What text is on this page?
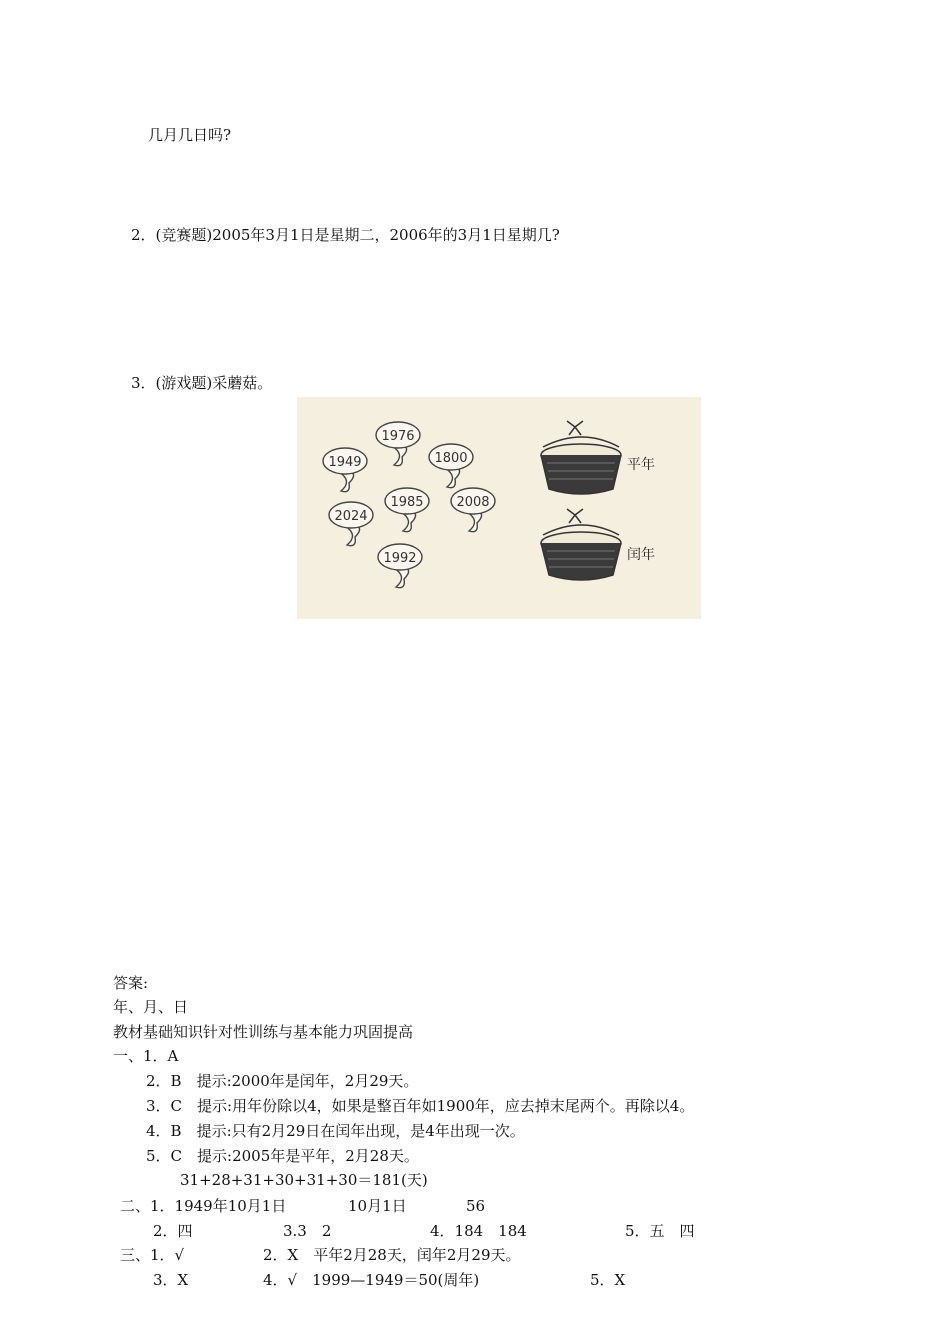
几月几日吗?
2．(竞赛题)2005年3月1日是星期二，2006年的3月1日星期几?
3．(游戏题)采蘑菇。
1976
1949	1800
1985	2008
2024
1992
平年
闰年
答案:
年、月、日
教材基础知识针对性训练与基本能力巩固提高
一、1．A
2．B　提示:2000年是闰年，2月29天。
3．C　提示:用年份除以4，如果是整百年如1900年，应去掉末尾两个。再除以4。
4．B　提示:只有2月29日在闰年出现，是4年出现一次。
5．C　提示:2005年是平年，2月28天。
31+28+31+30+31+30＝181(天)
二、1．1949年10月1日	10月1日	56
2．四	3.3　2	4．184　184	5．五　四
三、1．√	2．X　平年2月28天，闰年2月29天。
3．X	4．√　1999—1949＝50(周年)	5．X
